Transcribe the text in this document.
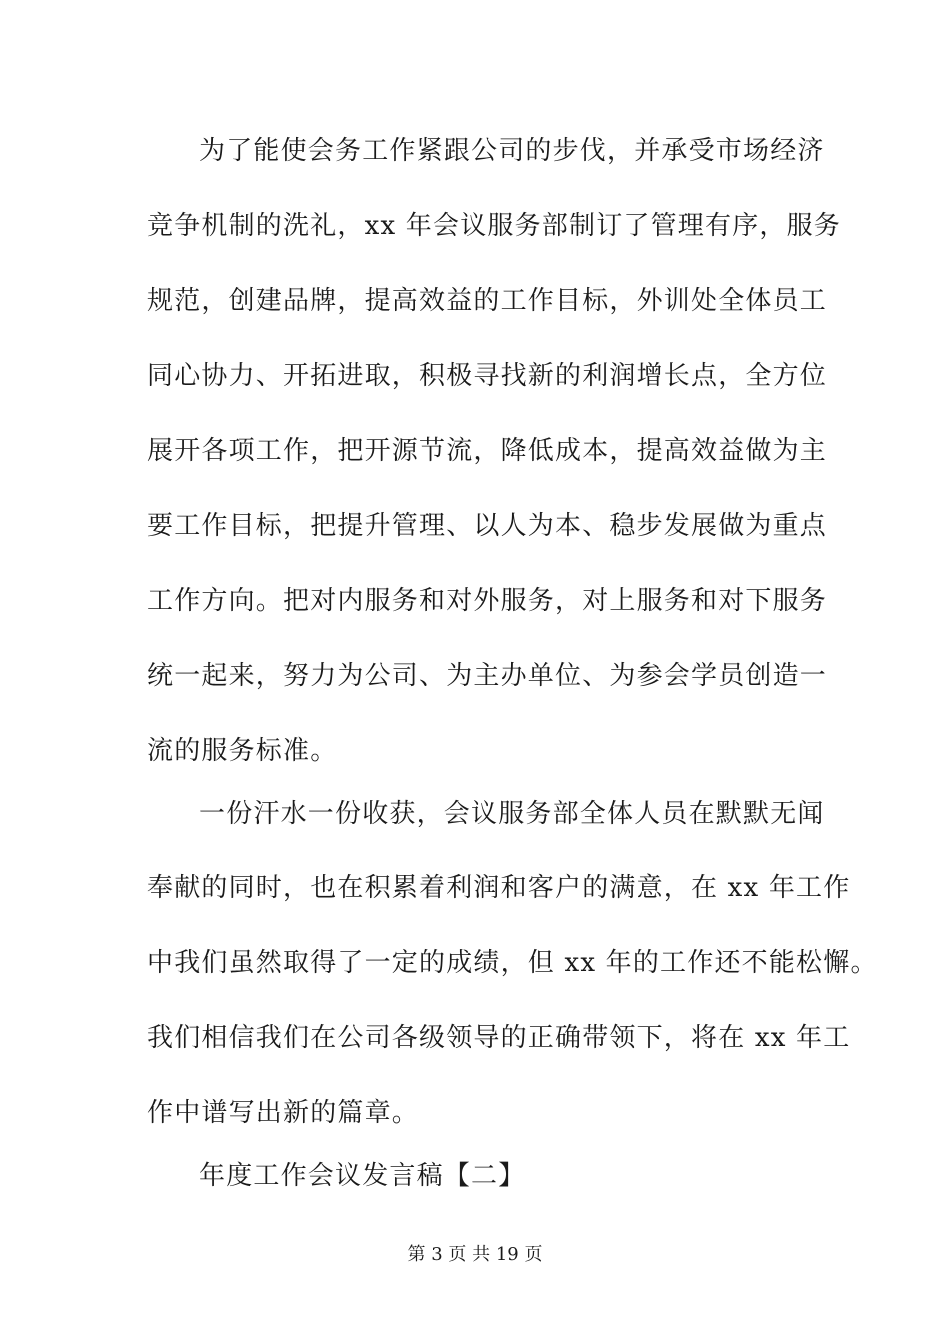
为了能使会务工作紧跟公司的步伐，并承受市场经济
竞争机制的洗礼，xx 年会议服务部制订了管理有序，服务
规范，创建品牌，提高效益的工作目标，外训处全体员工
同心协力、开拓进取，积极寻找新的利润增长点，全方位
展开各项工作，把开源节流，降低成本，提高效益做为主
要工作目标，把提升管理、以人为本、稳步发展做为重点
工作方向。把对内服务和对外服务，对上服务和对下服务
统一起来，努力为公司、为主办单位、为参会学员创造一
流的服务标准。
一份汗水一份收获，会议服务部全体人员在默默无闻
奉献的同时，也在积累着利润和客户的满意，在 xx 年工作
中我们虽然取得了一定的成绩，但 xx 年的工作还不能松懈。
我们相信我们在公司各级领导的正确带领下，将在 xx 年工
作中谱写出新的篇章。
年度工作会议发言稿【二】
第 3 页 共 19 页
